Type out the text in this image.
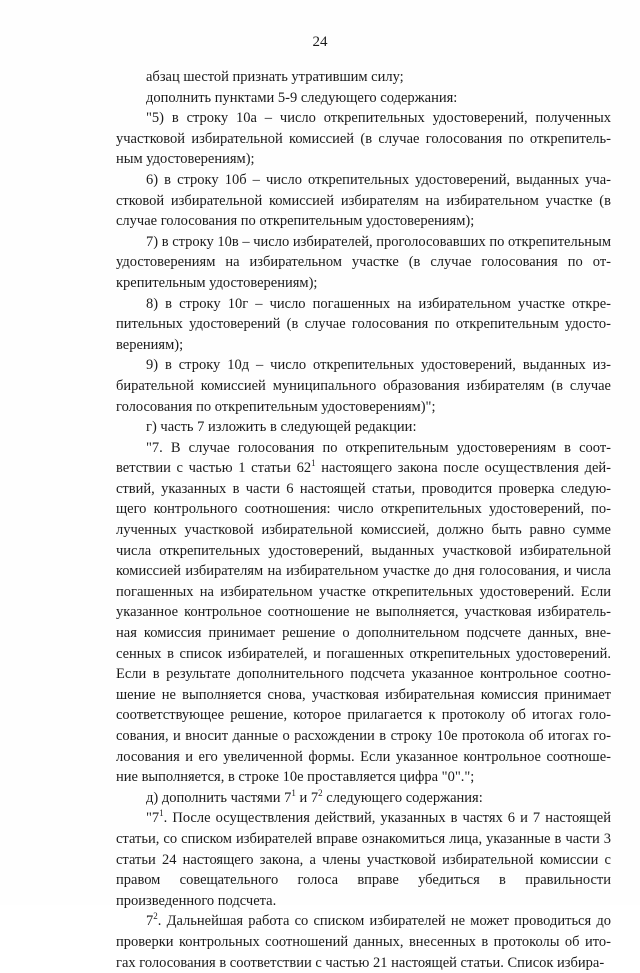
24

абзац шестой признать утратившим силу;

дополнить пунктами 5-9 следующего содержания:

"5) в строку 10а – число открепительных удостоверений, полученных участковой избирательной комиссией (в случае голосования по открепительным удостоверениям);

6) в строку 10б – число открепительных удостоверений, выданных участковой избирательной комиссией избирателям на избирательном участке (в случае голосования по открепительным удостоверениям);

7) в строку 10в – число избирателей, проголосовавших по открепительным удостоверениям на избирательном участке (в случае голосования по открепительным удостоверениям);

8) в строку 10г – число погашенных на избирательном участке открепительных удостоверений (в случае голосования по открепительным удостоверениям);

9) в строку 10д – число открепительных удостоверений, выданных избирательной комиссией муниципального образования избирателям (в случае голосования по открепительным удостоверениям)";

г) часть 7 изложить в следующей редакции:

"7. В случае голосования по открепительным удостоверениям в соответствии с частью 1 статьи $62^1$ настоящего закона после осуществления действий, указанных в части 6 настоящей статьи, проводится проверка следующего контрольного соотношения: число открепительных удостоверений, полученных участковой избирательной комиссией, должно быть равно сумме числа открепительных удостоверений, выданных участковой избирательной комиссией избирателям на избирательном участке до дня голосования, и числа погашенных на избирательном участке открепительных удостоверений. Если указанное контрольное соотношение не выполняется, участковая избирательная комиссия принимает решение о дополнительном подсчете данных, внесенных в список избирателей, и погашенных открепительных удостоверений. Если в результате дополнительного подсчета указанное контрольное соотношение не выполняется снова, участковая избирательная комиссия принимает соответствующее решение, которое прилагается к протоколу об итогах голосования, и вносит данные о расхождении в строку 10е протокола об итогах голосования и его увеличенной формы. Если указанное контрольное соотношение выполняется, в строке 10е проставляется цифра "0".";

д) дополнить частями $7^1$ и $7^2$ следующего содержания:

"$7^1$. После осуществления действий, указанных в частях 6 и 7 настоящей статьи, со списком избирателей вправе ознакомиться лица, указанные в части 3 статьи 24 настоящего закона, а члены участковой избирательной комиссии с правом совещательного голоса вправе убедиться в правильности произведенного подсчета.

$7^2$. Дальнейшая работа со списком избирателей не может проводиться до проверки контрольных соотношений данных, внесенных в протоколы об итогах голосования в соответствии с частью 21 настоящей статьи. Список избира-
